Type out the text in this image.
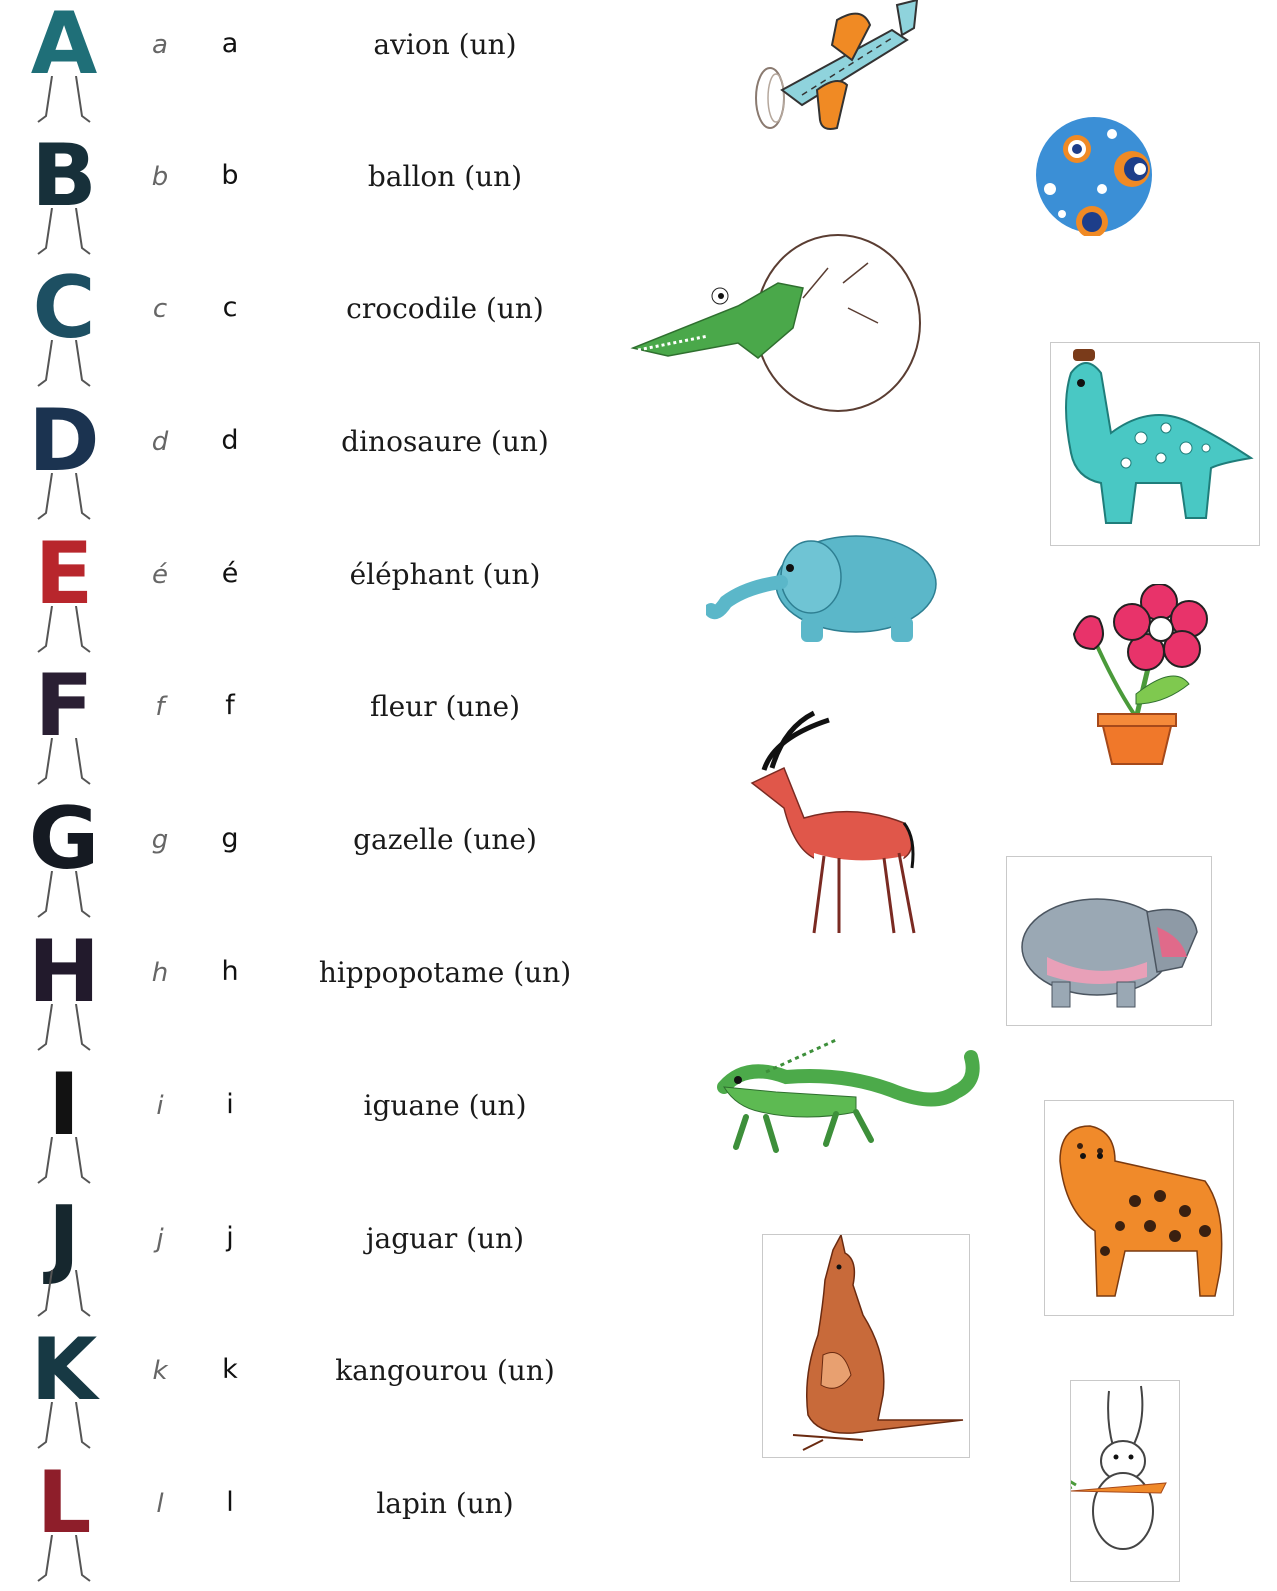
A a a	avion (un)
B b b	ballon (un)
C	c c	crocodile (un)
D d d	dinosaure (un)
E	é é	éléphant (un)
F	f f	fleur (une)
G g g	gazelle (une)
H h h	hippopotame (un)
I	i	i	iguane (un)
J	j	j	jaguar (un)
K k k	kangourou (un)
L	l	l	lapin (un)
